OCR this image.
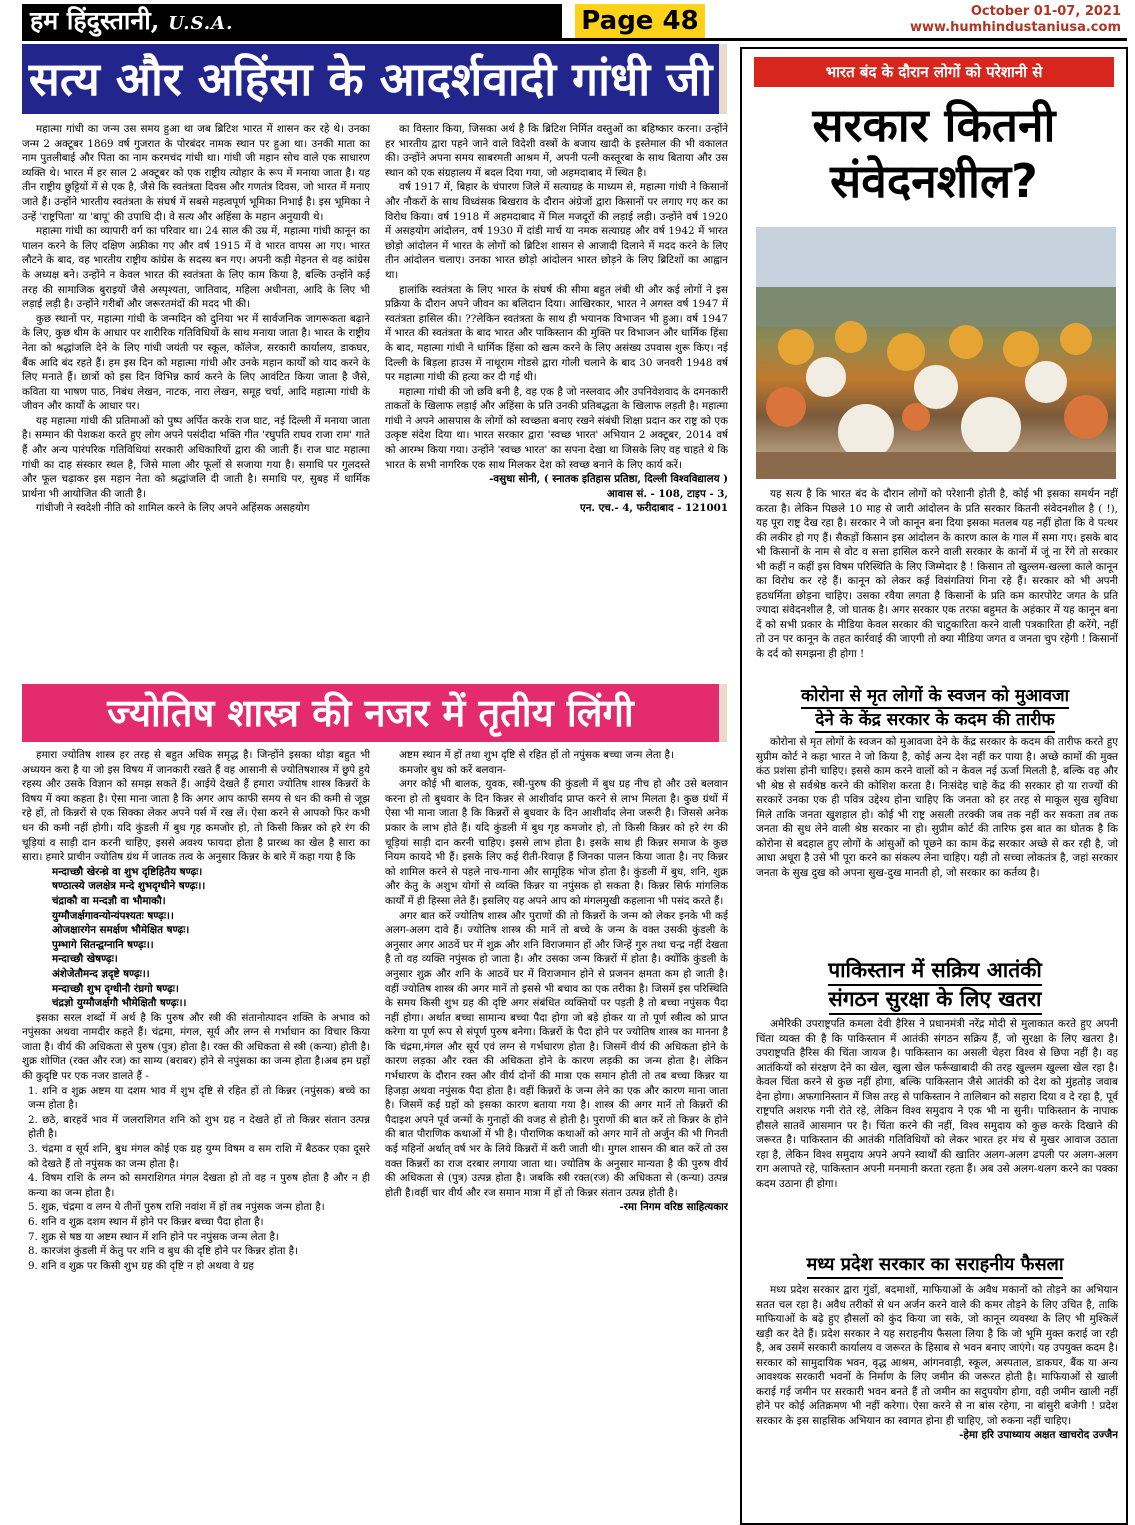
हम हिंदुस्तानी, U.S.A.	Page 48	October 01-07, 2021
www.humhindustaniusa.com
सत्य और अहिंसा के आदर्शवादी गांधी जी

महात्मा गांधी का जन्म उस समय हुआ था जब ब्रिटिश भारत में शासन कर रहे थे। उनका जन्म 2 अक्टूबर 1869 वर्ष गुजरात के पोरबंदर नामक स्थान पर हुआ था। उनकी माता का नाम पुतलीबाई और पिता का नाम करमचंद गांधी था। गांधी जी महान सोच वाले एक साधारण व्यक्ति थे। भारत में हर साल 2 अक्टूबर को एक राष्ट्रीय त्योहार के रूप में मनाया जाता है। यह तीन राष्ट्रीय छुट्टियों में से एक है, जैसे कि स्वतंत्रता दिवस और गणतंत्र दिवस, जो भारत में मनाए जाते हैं। उन्होंने भारतीय स्वतंत्रता के संघर्ष में सबसे महत्वपूर्ण भूमिका निभाई है। इस भूमिका ने उन्हें 'राष्ट्रपिता' या 'बापू' की उपाधि दी। वे सत्य और अहिंसा के महान अनुयायी थे।

महात्मा गांधी का व्यापारी वर्ग का परिवार था। 24 साल की उम्र में, महात्मा गांधी कानून का पालन करने के लिए दक्षिण अफ्रीका गए और वर्ष 1915 में वे भारत वापस आ गए। भारत लौटने के बाद, वह भारतीय राष्ट्रीय कांग्रेस के सदस्य बन गए। अपनी कड़ी मेहनत से वह कांग्रेस के अध्यक्ष बने। उन्होंने न केवल भारत की स्वतंत्रता के लिए काम किया है, बल्कि उन्होंने कई तरह की सामाजिक बुराइयों जैसे अस्पृश्यता, जातिवाद, महिला अधीनता, आदि के लिए भी लड़ाई लड़ी है। उन्होंने गरीबों और जरूरतमंदों की मदद भी की।

कुछ स्थानों पर, महात्मा गांधी के जन्मदिन को दुनिया भर में सार्वजनिक जागरूकता बढ़ाने के लिए, कुछ थीम के आधार पर शारीरिक गतिविधियों के साथ मनाया जाता है। भारत के राष्ट्रीय नेता को श्रद्धांजलि देने के लिए गांधी जयंती पर स्कूल, कॉलेज, सरकारी कार्यालय, डाकघर, बैंक आदि बंद रहते हैं। हम इस दिन को महात्मा गांधी और उनके महान कार्यों को याद करने के लिए मनाते हैं। छात्रों को इस दिन विभिन्न कार्य करने के लिए आवंटित किया जाता है जैसे, कविता या भाषण पाठ, निबंध लेखन, नाटक, नारा लेखन, समूह चर्चा, आदि महात्मा गांधी के जीवन और कार्यों के आधार पर।

यह महात्मा गांधी की प्रतिमाओं को पुष्प अर्पित करके राज घाट, नई दिल्ली में मनाया जाता है। सम्मान की पेशकश करते हुए लोग अपने पसंदीदा भक्ति गीत 'रघुपति राघव राजा राम' गाते हैं और अन्य पारंपरिक गतिविधियां सरकारी अधिकारियों द्वारा की जाती हैं। राज घाट महात्मा गांधी का दाह संस्कार स्थल है, जिसे माला और फूलों से सजाया गया है। समाधि पर गुलदस्ते और फूल चढ़ाकर इस महान नेता को श्रद्धांजलि दी जाती है। समाधि पर, सुबह में धार्मिक प्रार्थना भी आयोजित की जाती है।

गांधीजी ने स्वदेशी नीति को शामिल करने के लिए अपने अहिंसक असहयोग

का विस्तार किया, जिसका अर्थ है कि ब्रिटिश निर्मित वस्तुओं का बहिष्कार करना। उन्होंने हर भारतीय द्वारा पहने जाने वाले विदेशी वस्त्रों के बजाय खादी के इस्तेमाल की भी वकालत की। उन्होंने अपना समय साबरमती आश्रम में, अपनी पत्नी कस्तूरबा के साथ बिताया और उस स्थान को एक संग्रहालय में बदल दिया गया, जो अहमदाबाद में स्थित है।

वर्ष 1917 में, बिहार के चंपारण जिले में सत्याग्रह के माध्यम से, महात्मा गांधी ने किसानों और नौकरों के साथ विध्वंसक बिखराव के दौरान अंग्रेजों द्वारा किसानों पर लगाए गए कर का विरोध किया। वर्ष 1918 में अहमदाबाद में मिल मजदूरों की लड़ाई लड़ी। उन्होंने वर्ष 1920 में असहयोग आंदोलन, वर्ष 1930 में दांडी मार्च या नमक सत्याग्रह और वर्ष 1942 में भारत छोड़ो आंदोलन में भारत के लोगों को ब्रिटिश शासन से आजादी दिलाने में मदद करने के लिए तीन आंदोलन चलाए। उनका भारत छोड़ो आंदोलन भारत छोड़ने के लिए ब्रिटिशों का आह्वान था।

हालांकि स्वतंत्रता के लिए भारत के संघर्ष की सीमा बहुत लंबी थी और कई लोगों ने इस प्रक्रिया के दौरान अपने जीवन का बलिदान दिया। आखिरकार, भारत ने अगस्त वर्ष 1947 में स्वतंत्रता हासिल की। ??लेकिन स्वतंत्रता के साथ ही भयानक विभाजन भी हुआ। वर्ष 1947 में भारत की स्वतंत्रता के बाद भारत और पाकिस्तान की मुक्ति पर विभाजन और धार्मिक हिंसा के बाद, महात्मा गांधी ने धार्मिक हिंसा को खत्म करने के लिए असंख्य उपवास शुरू किए। नई दिल्ली के बिड़ला हाउस में नाथूराम गोडसे द्वारा गोली चलाने के बाद 30 जनवरी 1948 वर्ष पर महात्मा गांधी की हत्या कर दी गई थी।

महात्मा गांधी की जो छवि बनी है, वह एक है जो नस्लवाद और उपनिवेशवाद के दमनकारी ताकतों के खिलाफ लड़ाई और अहिंसा के प्रति उनकी प्रतिबद्धता के खिलाफ लड़ती है। महात्मा गांधी ने अपने आसपास के लोगों को स्वच्छता बनाए रखने संबंधी शिक्षा प्रदान कर राष्ट्र को एक उत्कृष्ट संदेश दिया था। भारत सरकार द्वारा 'स्वच्छ भारत' अभियान 2 अक्टूबर, 2014 वर्ष को आरम्भ किया गया। उन्होंने 'स्वच्छ भारत' का सपना देखा था जिसके लिए वह चाहते थे कि भारत के सभी नागरिक एक साथ मिलकर देश को स्वच्छ बनाने के लिए कार्य करें।

-वसुधा सोनी, ( स्नातक इतिहास प्रतिष्ठा, दिल्ली विश्वविद्यालय )

आवास सं. - 108, टाइप - 3,

एन. एच.- 4, फरीदाबाद - 121001

ज्योतिष शास्त्र की नजर में तृतीय लिंगी

हमारा ज्योतिष शास्त्र हर तरह से बहुत अधिक समृद्ध है। जिन्होंने इसका थोड़ा बहुत भी अध्ययन करा है या जो इस विषय में जानकारी रखते हैं वह आसानी से ज्योतिषशास्त्र में छुपे हुये रहस्य और उसके विज्ञान को समझ सकते हैं। आईये देखते हैं हमारा ज्योतिष शास्त्र किन्नरों के विषय में क्या कहता है। ऐसा माना जाता है कि अगर आप काफी समय से धन की कमी से जूझ रहे हों, तो किन्नरों से एक सिक्का लेकर अपने पर्स में रख लें। ऐसा करने से आपको फिर कभी धन की कमी नहीं होगी। यदि कुंडली में बुध गृह कमजोर हो, तो किसी किन्नर को हरे रंग की चूड़ियां व साड़ी दान करनी चाहिए, इससे अवश्य फायदा होता है प्रारब्ध का खेल है सारा का सारा। हमारे प्राचीन ज्योतिष ग्रंथ में जातक तत्व के अनुसार किन्नर के बारे में कहा गया है कि

मन्दाच्छौ खेरन्ध्रे वा शुभ दृष्टिहितैय षण्ढ़ः।

षण्ठात्स्ये जलक्षेत्र मन्दे शुभदृग्धीने षण्ढ़ः।।

चंद्राकौ वा मन्दज्ञौ वा भौमाकौ।

युग्मौजर्क्षगावन्योन्यंपश्यतः षण्ढ़ः।।

ओजक्षारगेन समर्क्षण भौमेक्षित षण्ढ़ः।

पुम्भागे सितन्द्वग्नानि षण्ढ़ः।।

मन्दाच्छौ खेषण्ढ़ः।

अंशेजेतौमन्द ज्ञदृष्टे षण्ढ़ः।।

मन्दाच्छौ शुभ दृग्धीनौ रंघ्रगो षण्ढ़ः।

चंद्रज्ञो युग्मौजर्क्षगौ भौमेक्षितौ षण्ढ़ः।।

इसका सरल शब्दों में अर्थ है कि पुरुष और स्त्री की संतानोत्पादन शक्ति के अभाव को नपुंसका अथवा नामदीर कहते हैं। चंद्रमा, मंगल, सूर्य और लग्न से गर्भाधान का विचार किया जाता है। वीर्य की अधिकता से पुरुष (पुत्र) होता है। रक्त की अधिकता से स्त्री (कन्या) होती है। शुक्र शोणित (रक्त और रज) का साम्य (बराबर) होने से नपुंसका का जन्म होता है।अब हम ग्रहों की कुदृष्टि पर एक नजर डालते हैं -

1. शनि व शुक्र अष्टम या दशम भाव में शुभ दृष्टि से रहित हों तो किन्नर (नपुंसक) बच्चे का जन्म होता है।

2. छठे, बारहवें भाव में जलराशिगत शनि को शुभ ग्रह न देखते हों तो किन्नर संतान उत्पन्न होती है।

3. चंद्रमा व सूर्य शनि, बुध मंगल कोई एक ग्रह युग्म विषम व सम राशि में बैठकर एका दूसरे को देखते हैं तो नपुंसक का जन्म होता है।

4. विषम राशि के लग्न को समराशिगत मंगल देखता हो तो वह न पुरुष होता है और न ही कन्या का जन्म होता है।

5. शुक्र, चंद्रमा व लग्न ये तीनों पुरुष राशि नवांश में हों तब नपुंसक जन्म होता है।

6. शनि व शुक्र दशम स्थान में होने पर किन्नर बच्चा पैदा होता है।

7. शुक्र से षष्ठ या अष्टम स्थान में शनि होने पर नपुंसक जन्म लेता है।

8. कारजंश कुंडली में केतु पर शनि व बुध की दृष्टि होने पर किन्नर होता है।

9. शनि व शुक्र पर किसी शुभ ग्रह की दृष्टि न हो अथवा वे ग्रह

अष्टम स्थान में हों तथा शुभ दृष्टि से रहित हों तो नपुंसक बच्चा जन्म लेता है।

कमजोर बुध को करें बलवान-

अगर कोई भी बालक, युवक, स्त्री-पुरुष की कुंडली में बुध ग्रह नीच हो और उसे बलवान करना हो तो बुधवार के दिन किन्नर से आशीर्वाद प्राप्त करने से लाभ मिलता है। कुछ ग्रंथों में ऐसा भी माना जाता है कि किन्नरों से बुधवार के दिन आशीर्वाद लेना जरूरी है। जिससे अनेक प्रकार के लाभ होते हैं। यदि कुंडली में बुध गृह कमजोर हो, तो किसी किन्नर को हरे रंग की चूड़ियां साड़ी दान करनी चाहिए। इससे लाभ होता है। इसके साथ ही किन्नर समाज के कुछ नियम कायदे भी हैं। इसके लिए कई रीती-रिवाज़ हैं जिनका पालन किया जाता है। नए किन्नर को शामिल करने से पहले नाच-गाना और सामूहिक भोज होता है। कुंडली में बुध, शनि, शुक्र और केतु के अशुभ योगों से व्यक्ति किन्नर या नपुंसक हो सकता है। किन्नर सिर्फ मांगलिक कार्यों में ही हिस्सा लेते हैं। इसलिए यह अपने आप को मंगलमुखी कहलाना भी पसंद करते हैं।

अगर बात करें ज्योतिष शास्त्र और पुराणों की तो किन्नरों के जन्म को लेकर इनके भी कई अलग-अलग दावे हैं। ज्योतिष शास्त्र की मानें तो बच्चे के जन्म के वक्त उसकी कुंडली के अनुसार अगर आठवें घर में शुक्र और शनि विराजमान हों और जिन्हें गुरु तथा चन्द्र नहीं देखता है तो वह व्यक्ति नपुंसक हो जाता है। और उसका जन्म किन्नरों में होता है। क्योंकि कुंडली के अनुसार शुक्र और शनि के आठवें घर में विराजमान होने से प्रजनन क्षमता कम हो जाती है। वहीं ज्योतिष शास्त्र की अगर मानें तो इससे भी बचाव का एक तरीका है। जिसमें इस परिस्थिति के समय किसी शुभ ग्रह की दृष्टि अगर संबंधित व्यक्तियों पर पड़ती है तो बच्चा नपुंसक पैदा नहीं होगा। अर्थात बच्चा सामान्य बच्चा पैदा होगा जो बड़े होकर या तो पूर्ण स्त्रीत्व को प्राप्त करेगा या पूर्ण रूप से संपूर्ण पुरुष बनेगा। किन्नरों के पैदा होने पर ज्योतिष शास्त्र का मानना है कि चंद्रमा,मंगल और सूर्य एवं लग्न से गर्भधारण होता है। जिसमें वीर्य की अधिकता होने के कारण लड़का और रक्त की अधिकता होने के कारण लड़की का जन्म होता है। लेकिन गर्भधारण के दौरान रक्त और वीर्य दोनों की मात्रा एक समान होती तो तब बच्चा किन्नर या हिजड़ा अथवा नपुंसक पैदा होता है। वहीं किन्नरों के जन्म लेने का एक और कारण माना जाता है। जिसमें कई ग्रहों को इसका कारण बताया गया है। शास्त्र की अगर मानें तो किन्नरों की पैदाइश अपने पूर्व जन्मों के गुनाहों की वजह से होती है। पुराणों की बात करें तो किन्नर के होने की बात पौराणिक कथाओं में भी है। पौराणिक कथाओं को अगर मानें तो अर्जुन की भी गिनती कई महिनों अर्थात् वर्ष भर के लिये किन्नरों में करी जाती थी। मुगल शासन की बात करें तो उस वक्त किन्नरों का राज दरबार लगाया जाता था। ज्योतिष के अनुसार मान्यता है की पुरुष वीर्य की अधिकता से (पुत्र) उत्पन्न होता है। जबकि स्त्री रक्त(रज) की अधिकता से (कन्या) उत्पन्न होती है।वहीं चार वीर्य और रज समान मात्रा में हों तो किन्नर संतान उत्पन्न होती है।

-रमा निगम वरिष्ठ साहित्यकार

भारत बंद के दौरान लोगों को परेशानी से
सरकार कितनी
संवेदनशील?

यह सत्य है कि भारत बंद के दौरान लोगों को परेशानी होती है, कोई भी इसका समर्थन नहीं करता है। लेकिन पिछले 10 माह से जारी आंदोलन के प्रति सरकार कितनी संवेदनशील है ( !), यह पूरा राष्ट्र देख रहा है। सरकार ने जो कानून बना दिया इसका मतलब यह नहीं होता कि वे पत्थर की लकीर हो गए हैं। सैकड़ों किसान इस आंदोलन के कारण काल के गाल में समा गए। इसके बाद भी किसानों के नाम से वोट व सत्ता हासिल करने वाली सरकार के कानों में जूं ना रेंगे तो सरकार भी कहीं न कहीं इस विषम परिस्थिति के लिए जिम्मेदार है ! किसान तो खुल्लम-खल्ला काले कानून का विरोध कर रहे हैं। कानून को लेकर कई विसंगतियां गिना रहे हैं। सरकार को भी अपनी हठधर्मिता छोड़ना चाहिए। उसका रवैया लगता है किसानों के प्रति कम कारपोरेट जगत के प्रति ज्यादा संवेदनशील है, जो घातक है। अगर सरकार एक तरफा बहुमत के अहंकार में यह कानून बना दें को सभी प्रकार के मीडिया केवल सरकार की चाटुकारिता करने वाली पत्रकारिता ही करेंगे, नहीं तो उन पर कानून के तहत कार्रवाई की जाएगी तो क्या मीडिया जगत व जनता चुप रहेगी ! किसानों के दर्द को समझना ही होगा !

कोरोना से मृत लोगों के स्वजन को मुआवजा
देने के केंद्र सरकार के कदम की तारीफ

कोरोना से मृत लोगों के स्वजन को मुआवजा देने के केंद्र सरकार के कदम की तारीफ करते हुए सुप्रीम कोर्ट ने कहा भारत ने जो किया है, कोई अन्य देश नहीं कर पाया है। अच्छे कामों की मुक्त कंठ प्रशंसा होनी चाहिए। इससे काम करने वालों को न केवल नई ऊर्जा मिलती है, बल्कि वह और भी श्रेष्ठ से सर्वश्रेष्ठ करने की कोशिश करता है। निःसंदेह चाहे केंद्र की सरकार हो या राज्यों की सरकारें उनका एक ही पवित्र उद्देश्य होना चाहिए कि जनता को हर तरह से माकूल सुख सुविधा मिले ताकि जनता खुशहाल हो। कोई भी राष्ट्र असली तरक्की जब तक नहीं कर सकता तब तक जनता की सुध लेने वाली श्रेष्ठ सरकार ना हो। सुप्रीम कोर्ट की तारिफ इस बात का घोतक है कि कोरोना से बदहाल हुए लोगों के आंसुओं को पूछने का काम केंद्र सरकार अच्छे से कर रही है, जो आधा अधूरा है उसे भी पूरा करने का संकल्प लेना चाहिए। यही तो सच्चा लोकतंत्र है, जहां सरकार जनता के सुख दुख को अपना सुख-दुख मानती हो, जो सरकार का कर्तव्य है।

पाकिस्तान में सक्रिय आतंकी
संगठन सुरक्षा के लिए खतरा

अमेरिकी उपराष्ट्रपति कमला देवी हैरिस ने प्रधानमंत्री नरेंद्र मोदी से मुलाकात करते हुए अपनी चिंता व्यक्त की है कि पाकिस्तान में आतंकी संगठन सक्रिय हैं, जो सुरक्षा के लिए खतरा है। उपराष्ट्रपति हैरिस की चिंता जायज है। पाकिस्तान का असली चेहरा विश्व से छिपा नहीं है। वह आतंकियों को संरक्षण देने का खेल, खुला खेल फर्रूखाबादी की तरह खुल्लम खुल्ला खेल रहा है। केवल चिंता करने से कुछ नहीं होगा, बल्कि पाकिस्तान जैसे आतंकी को देश को मुंहतोड़ जवाब देना होगा। अफगानिस्तान में जिस तरह से पाकिस्तान ने तालिबान को सहारा दिया व दे रहा है, पूर्व राष्ट्रपति अशरफ गनी रोते रहे, लेकिन विश्व समुदाय ने एक भी ना सुनी। पाकिस्तान के नापाक हौसले सातवें आसमान पर है। चिंता करने की नहीं, विश्व समुदाय को कुछ करके दिखाने की जरूरत है। पाकिस्तान की आतंकी गतिविधियों को लेकर भारत हर मंच से मुखर आवाज उठाता रहा है, लेकिन विश्व समुदाय अपने अपने स्वार्थों की खातिर अलग-अलग ढपली पर अलग-अलग राग अलापते रहे, पाकिस्तान अपनी मनमानी करता रहता हैं। अब उसे अलग-थलग करने का पक्का कदम उठाना ही होगा।

मध्य प्रदेश सरकार का सराहनीय फैसला

मध्य प्रदेश सरकार द्वारा गुंडों, बदमाशों, माफियाओं के अवैध मकानों को तोड़ने का अभियान सतत चल रहा है। अवैध तरीकों से धन अर्जन करने वाले की कमर तोड़ने के लिए उचित है, ताकि माफियाओं के बढ़े हुए हौसलों को कुंद किया जा सके, जो कानून व्यवस्था के लिए भी मुश्किलें खड़ी कर देते हैं। प्रदेश सरकार ने यह सराहनीय फैसला लिया है कि जो भूमि मुक्त कराई जा रही है, अब उसमें सरकारी कार्यालय व जरूरत के हिसाब से भवन बनाए जाएंगे। यह उपयुक्त कदम है। सरकार को सामुदायिक भवन, वृद्ध आश्रम, आंगनवाड़ी, स्कूल, अस्पताल, डाकघर, बैंक या अन्य आवश्यक सरकारी भवनों के निर्माण के लिए जमीन की जरूरत होती है। माफियाओं से खाली कराई गई जमीन पर सरकारी भवन बनते हैं तो जमीन का सदुपयोग होगा, वही जमीन खाली नहीं होने पर कोई अतिक्रमण भी नहीं करेगा। ऐसा करने से ना बांस रहेगा, ना बांसुरी बजेगी ! प्रदेश सरकार के इस साहसिक अभियान का स्वागत होना ही चाहिए, जो रुकना नहीं चाहिए।

-हेमा हरि उपाध्याय अक्षत खाचरोद उज्जैन
